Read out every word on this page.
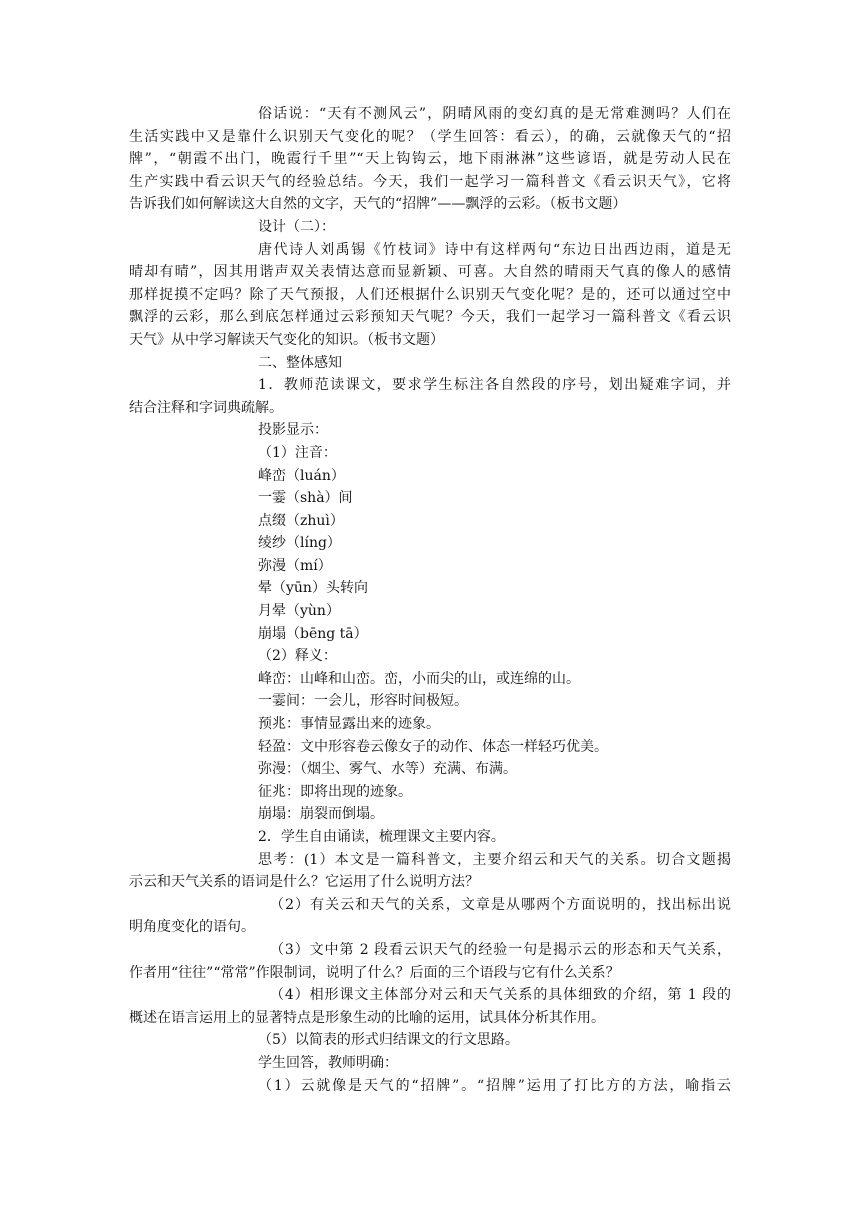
俗话说：“天有不测风云”，阴晴风雨的变幻真的是无常难测吗？人们在
生活实践中又是靠什么识别天气变化的呢？（学生回答：看云），的确，云就像天气的“招
牌”，“朝霞不出门，晚霞行千里”“天上钩钩云，地下雨淋淋”这些谚语，就是劳动人民在
生产实践中看云识天气的经验总结。今天，我们一起学习一篇科普文《看云识天气》，它将
告诉我们如何解读这大自然的文字，天气的“招牌”——飘浮的云彩。（板书文题）
设计（二）：
唐代诗人刘禹锡《竹枝词》诗中有这样两句“东边日出西边雨，道是无
晴却有晴”，因其用谐声双关表情达意而显新颖、可喜。大自然的晴雨天气真的像人的感情
那样捉摸不定吗？除了天气预报，人们还根据什么识别天气变化呢？是的，还可以通过空中
飘浮的云彩，那么到底怎样通过云彩预知天气呢？今天，我们一起学习一篇科普文《看云识
天气》从中学习解读天气变化的知识。（板书文题）
二、整体感知
1．教师范读课文，要求学生标注各自然段的序号，划出疑难字词，并
结合注释和字词典疏解。
投影显示：
（1）注音：
峰峦（luán）
一霎（shà）间
点缀（zhuì）
绫纱（líng）
弥漫（mí）
晕（yūn）头转向
月晕（yùn）
崩塌（bēng tā）
（2）释义：
峰峦：山峰和山峦。峦，小而尖的山，或连绵的山。
一霎间：一会儿，形容时间极短。
预兆：事情显露出来的迹象。
轻盈：文中形容卷云像女子的动作、体态一样轻巧优美。
弥漫：（烟尘、雾气、水等）充满、布满。
征兆：即将出现的迹象。
崩塌：崩裂而倒塌。
2．学生自由诵读，梳理课文主要内容。
思考：(1）本文是一篇科普文，主要介绍云和天气的关系。切合文题揭
示云和天气关系的语词是什么？它运用了什么说明方法？
（2）有关云和天气的关系，文章是从哪两个方面说明的，找出标出说
明角度变化的语句。
（3）文中第 2 段看云识天气的经验一句是揭示云的形态和天气关系，
作者用“往往”“常常”作限制词，说明了什么？后面的三个语段与它有什么关系？
（4）相形课文主体部分对云和天气关系的具体细致的介绍，第 1 段的
概述在语言运用上的显著特点是形象生动的比喻的运用，试具体分析其作用。
（5）以简表的形式归结课文的行文思路。
学生回答，教师明确：
（1）云就像是天气的“招牌”。“招牌”运用了打比方的方法，喻指云
